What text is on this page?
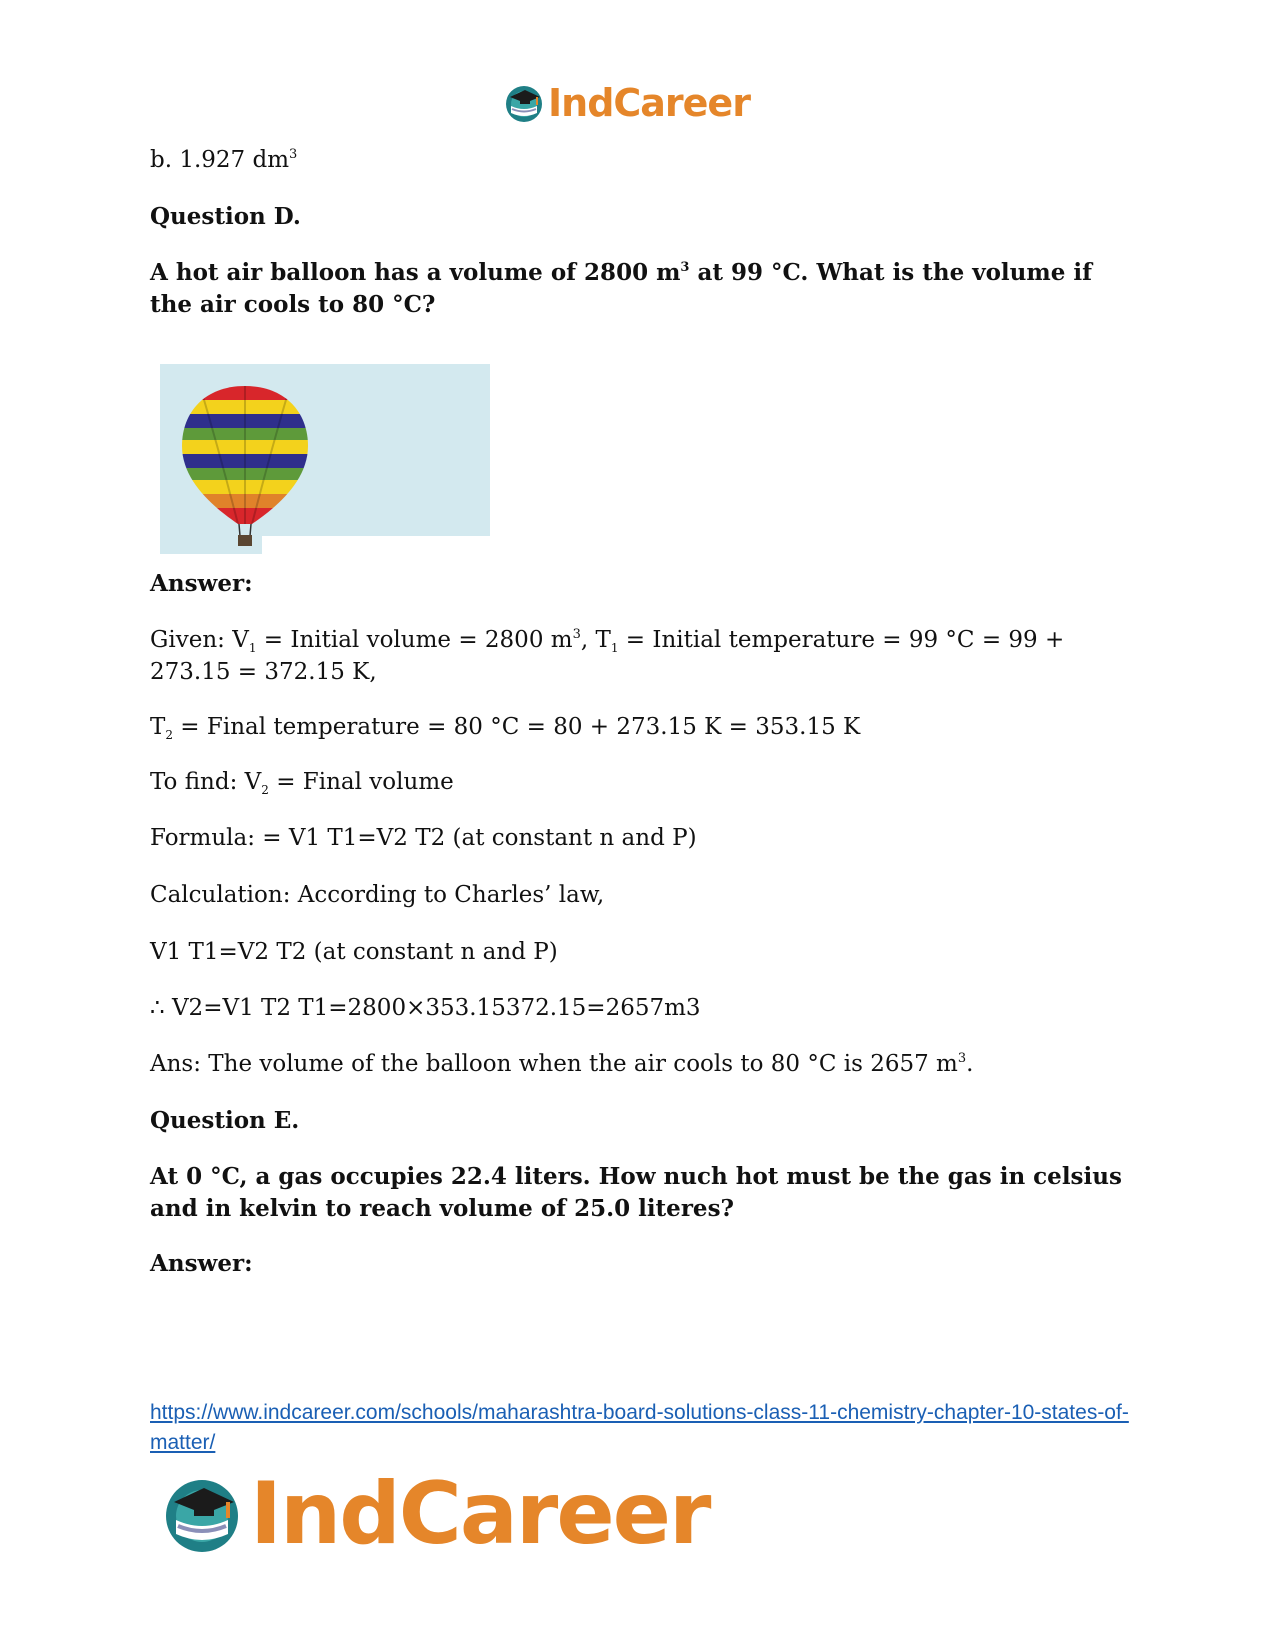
IndCareer
b. 1.927 $dm^3$
Question D.
A hot air balloon has a volume of 2800 $m^3$ at 99 °C. What is the volume if the air cools to 80 °C?
Answer:
Given: $V_1$ = Initial volume = 2800 $m^3$, $T_1$ = Initial temperature = 99 °C = 99 + 273.15 = 372.15 K,
$T_2$ = Final temperature = 80 °C = 80 + 273.15 K = 353.15 K
To find: $V_2$ = Final volume
Formula: = V1 T1=V2 T2 (at constant n and P)
Calculation: According to Charles’ law,
V1 T1=V2 T2 (at constant n and P)
∴ V2=V1 T2 T1=2800×353.15372.15=2657m3
Ans: The volume of the balloon when the air cools to 80 °C is 2657 $m^3$.
Question E.
At 0 °C, a gas occupies 22.4 liters. How nuch hot must be the gas in celsius and in kelvin to reach volume of 25.0 literes?
Answer:
https://www.indcareer.com/schools/maharashtra-board-solutions-class-11-chemistry-chapter-10-states-of-matter/
IndCareer
